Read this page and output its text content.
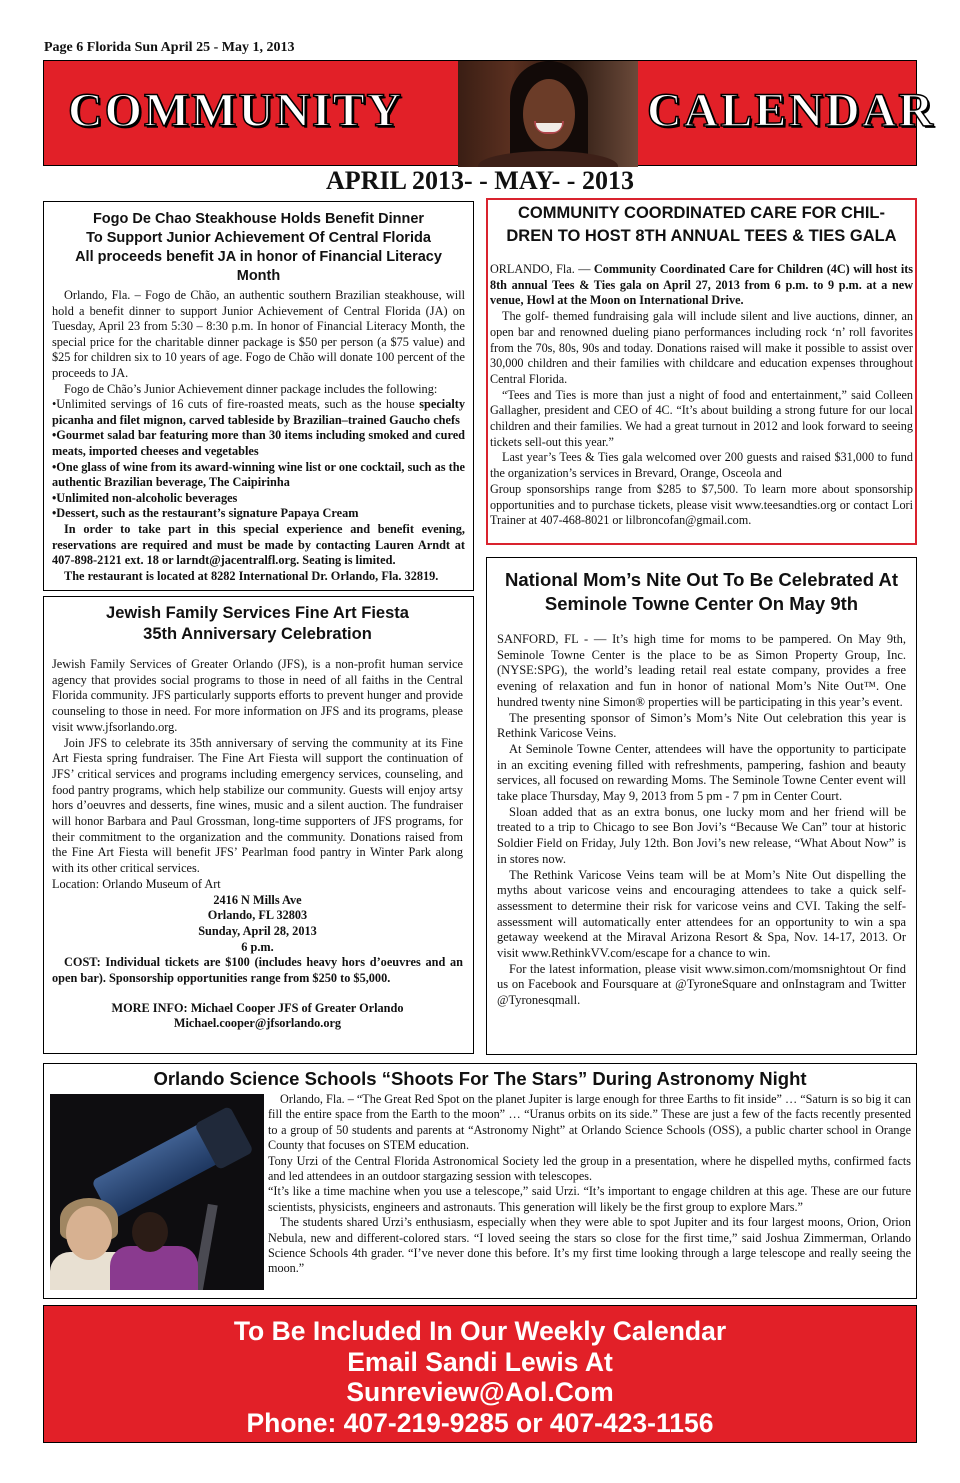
Page 6 Florida Sun April 25 - May 1, 2013
COMMUNITY	CALENDAR
APRIL 2013- - MAY- - 2013
Fogo De Chao Steakhouse Holds Benefit Dinner
To Support Junior Achievement Of Central Florida
All proceeds benefit JA in honor of Financial Literacy Month

Orlando, Fla. – Fogo de Chão, an authentic southern Brazilian steakhouse, will hold a benefit dinner to support Junior Achievement of Central Florida (JA) on Tuesday, April 23 from 5:30 – 8:30 p.m. In honor of Financial Literacy Month, the special price for the charitable dinner package is $50 per person (a $75 value) and $25 for children six to 10 years of age. Fogo de Chão will donate 100 percent of the proceeds to JA.

Fogo de Chão’s Junior Achievement dinner package includes the following:

•Unlimited servings of 16 cuts of fire-roasted meats, such as the house specialty picanha and filet mignon, carved tableside by Brazilian–trained Gaucho chefs

•Gourmet salad bar featuring more than 30 items including smoked and cured meats, imported cheeses and vegetables

•One glass of wine from its award-winning wine list or one cocktail, such as the authentic Brazilian beverage, The Caipirinha

•Unlimited non-alcoholic beverages

•Dessert, such as the restaurant’s signature Papaya Cream

In order to take part in this special experience and benefit evening, reservations are required and must be made by contacting Lauren Arndt at 407-898-2121 ext. 18 or larndt@jacentralfl.org. Seating is limited.

The restaurant is located at 8282 International Dr. Orlando, Fla. 32819.

COMMUNITY COORDINATED CARE FOR CHIL-
DREN TO HOST 8TH ANNUAL TEES & TIES GALA

ORLANDO, Fla. — Community Coordinated Care for Children (4C) will host its 8th annual Tees & Ties gala on April 27, 2013 from 6 p.m. to 9 p.m. at a new venue, Howl at the Moon on International Drive.

The golf- themed fundraising gala will include silent and live auctions, dinner, an open bar and renowned dueling piano performances including rock ‘n’ roll favorites from the 70s, 80s, 90s and today. Donations raised will make it possible to assist over 30,000 children and their families with childcare and education expenses throughout Central Florida.

“Tees and Ties is more than just a night of food and entertainment,” said Colleen Gallagher, president and CEO of 4C. “It’s about building a strong future for our local children and their families. We had a great turnout in 2012 and look forward to seeing tickets sell-out this year.”

Last year’s Tees & Ties gala welcomed over 200 guests and raised $31,000 to fund the organization’s services in Brevard, Orange, Osceola and

Group sponsorships range from $285 to $7,500. To learn more about sponsorship opportunities and to purchase tickets, please visit www.teesandties.org or contact Lori Trainer at 407-468-8021 or lilbroncofan@gmail.com.

Jewish Family Services Fine Art Fiesta
35th Anniversary Celebration

Jewish Family Services of Greater Orlando (JFS), is a non-profit human service agency that provides social programs to those in need of all faiths in the Central Florida community. JFS particularly supports efforts to prevent hunger and provide counseling to those in need. For more information on JFS and its programs, please visit www.jfsorlando.org.

Join JFS to celebrate its 35th anniversary of serving the community at its Fine Art Fiesta spring fundraiser. The Fine Art Fiesta will support the continuation of JFS’ critical services and programs including emergency services, counseling, and food pantry programs, which help stabilize our community. Guests will enjoy artsy hors d’oeuvres and desserts, fine wines, music and a silent auction. The fundraiser will honor Barbara and Paul Grossman, long-time supporters of JFS programs, for their commitment to the organization and the community. Donations raised from the Fine Art Fiesta will benefit JFS’ Pearlman food pantry in Winter Park along with its other critical services.

Location: Orlando Museum of Art

2416 N Mills Ave

Orlando, FL 32803

Sunday, April 28, 2013

6 p.m.

COST: Individual tickets are $100 (includes heavy hors d’oeuvres and an open bar). Sponsorship opportunities range from $250 to $5,000.

MORE INFO: Michael Cooper JFS of Greater Orlando

Michael.cooper@jfsorlando.org

National Mom’s Nite Out To Be Celebrated At
Seminole Towne Center On May 9th

SANFORD, FL - — It’s high time for moms to be pampered. On May 9th, Seminole Towne Center is the place to be as Simon Property Group, Inc. (NYSE:SPG), the world’s leading retail real estate company, provides a free evening of relaxation and fun in honor of national Mom’s Nite Out™. One hundred twenty nine Simon® properties will be participating in this year’s event.

The presenting sponsor of Simon’s Mom’s Nite Out celebration this year is Rethink Varicose Veins.

At Seminole Towne Center, attendees will have the opportunity to participate in an exciting evening filled with refreshments, pampering, fashion and beauty services, all focused on rewarding Moms. The Seminole Towne Center event will take place Thursday, May 9, 2013 from 5 pm - 7 pm in Center Court.

Sloan added that as an extra bonus, one lucky mom and her friend will be treated to a trip to Chicago to see Bon Jovi’s “Because We Can” tour at historic Soldier Field on Friday, July 12th. Bon Jovi’s new release, “What About Now” is in stores now.

The Rethink Varicose Veins team will be at Mom’s Nite Out dispelling the myths about varicose veins and encouraging attendees to take a quick self-assessment to determine their risk for varicose veins and CVI. Taking the self-assessment will automatically enter attendees for an opportunity to win a spa getaway weekend at the Miraval Arizona Resort & Spa, Nov. 14-17, 2013. Or visit www.RethinkVV.com/escape for a chance to win.

For the latest information, please visit www.simon.com/momsnightout Or find us on Facebook and Foursquare at @TyroneSquare and onInstagram and Twitter @Tyronesqmall.

Orlando Science Schools “Shoots For The Stars” During Astronomy Night

Orlando, Fla. – “The Great Red Spot on the planet Jupiter is large enough for three Earths to fit inside” … “Saturn is so big it can fill the entire space from the Earth to the moon” … “Uranus orbits on its side.” These are just a few of the facts recently presented to a group of 50 students and parents at “Astronomy Night” at Orlando Science Schools (OSS), a public charter school in Orange County that focuses on STEM education.

Tony Urzi of the Central Florida Astronomical Society led the group in a presentation, where he dispelled myths, confirmed facts and led attendees in an outdoor stargazing session with telescopes.

“It’s like a time machine when you use a telescope,” said Urzi. “It’s important to engage children at this age. These are our future scientists, physicists, engineers and astronauts. This generation will likely be the first group to explore Mars.”

The students shared Urzi’s enthusiasm, especially when they were able to spot Jupiter and its four largest moons, Orion, Orion Nebula, new and different-colored stars. “I loved seeing the stars so close for the first time,” said Joshua Zimmerman, Orlando Science Schools 4th grader. “I’ve never done this before. It’s my first time looking through a large telescope and really seeing the moon.”

To Be Included In Our Weekly Calendar
Email Sandi Lewis At
Sunreview@Aol.Com
Phone: 407-219-9285 or 407-423-1156
